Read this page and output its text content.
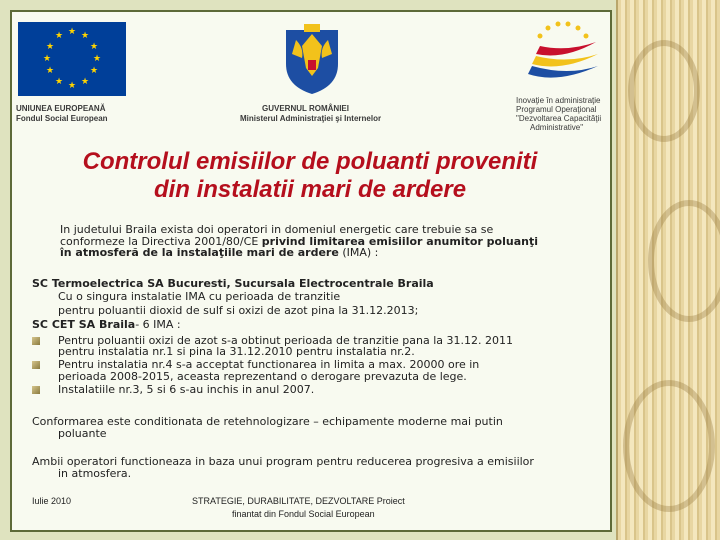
★ ★
★
★
★
★
★
★
★
★
★
★

UNIUNEA EUROPEANĂ

Fondul Social European

GUVERNUL ROMÂNIEI

Ministerul Administraţiei şi Internelor

Inovaţie în administraţie

Programul Operaţional

"Dezvoltarea Capacităţii

Administrative"

Controlul emisiilor de poluanti proveniti
din instalatii mari de ardere

In judetului Braila exista doi operatori in domeniul energetic care trebuie sa se

conformeze la Directiva 2001/80/CE privind limitarea emisiilor anumitor poluanţi

în atmosferă de la instalaţiile mari de ardere (IMA) :

SC Termoelectrica SA Bucuresti, Sucursala Electrocentrale Braila

Cu o singura instalatie IMA cu perioada de tranzitie

pentru poluantii dioxid de sulf si oxizi de azot pina la 31.12.2013;

SC CET SA Braila- 6 IMA :

Pentru poluantii oxizi de azot s-a obtinut perioada de tranzitie pana la 31.12. 2011

pentru instalatia nr.1 si pina la 31.12.2010 pentru instalatia nr.2.

Pentru instalatia nr.4 s-a acceptat functionarea in limita a max. 20000 ore in

perioada 2008-2015, aceasta reprezentand o derogare prevazuta de lege.

Instalatiile nr.3, 5 si 6 s-au inchis in anul 2007.

Conformarea este conditionata de retehnologizare – echipamente moderne mai putin

poluante

Ambii operatori functioneaza in baza unui program pentru reducerea progresiva a emisiilor

in atmosfera.

Iulie 2010	STRATEGIE, DURABILITATE, DEZVOLTARE Proiect

finantat din Fondul Social European
